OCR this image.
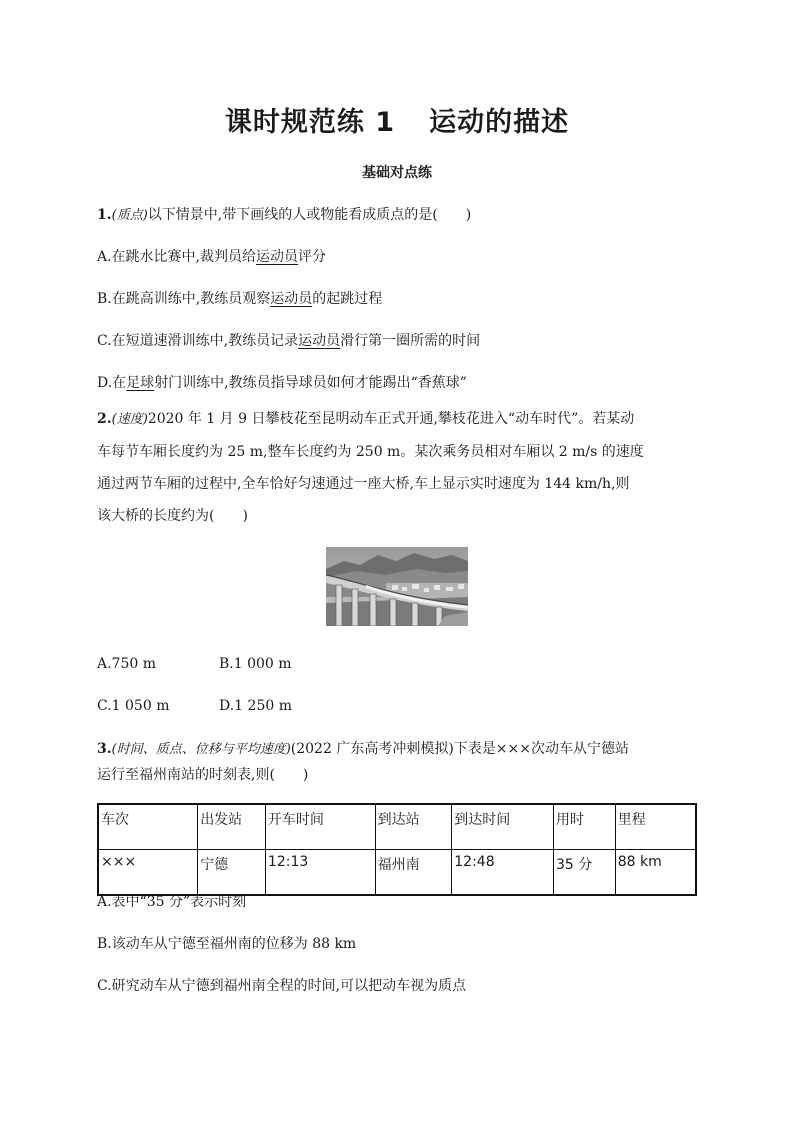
课时规范练 1 运动的描述
基础对点练
1.(质点)以下情景中,带下画线的人或物能看成质点的是(　　)
A.在跳水比赛中,裁判员给运动员评分
B.在跳高训练中,教练员观察运动员的起跳过程
C.在短道速滑训练中,教练员记录运动员滑行第一圈所需的时间
D.在足球射门训练中,教练员指导球员如何才能踢出“香蕉球”
2.(速度)2020 年 1 月 9 日攀枝花至昆明动车正式开通,攀枝花进入“动车时代”。若某动
车每节车厢长度约为 25 m,整车长度约为 250 m。某次乘务员相对车厢以 2 m/s 的速度
通过两节车厢的过程中,全车恰好匀速通过一座大桥,车上显示实时速度为 144 km/h,则
该大桥的长度约为(　　)
A.750 m	B.1 000 m
C.1 050 m	D.1 250 m
3.(时间、质点、位移与平均速度)(2022 广东高考冲刺模拟)下表是×××次动车从宁德站
运行至福州南站的时刻表,则(　　)
车次	出发站	开车时间	到达站	到达时间	用时	里程
×××	宁德	12:13	福州南	12:48	35 分	88 km
A.表中“35 分”表示时刻
B.该动车从宁德至福州南的位移为 88 km
C.研究动车从宁德到福州南全程的时间,可以把动车视为质点
